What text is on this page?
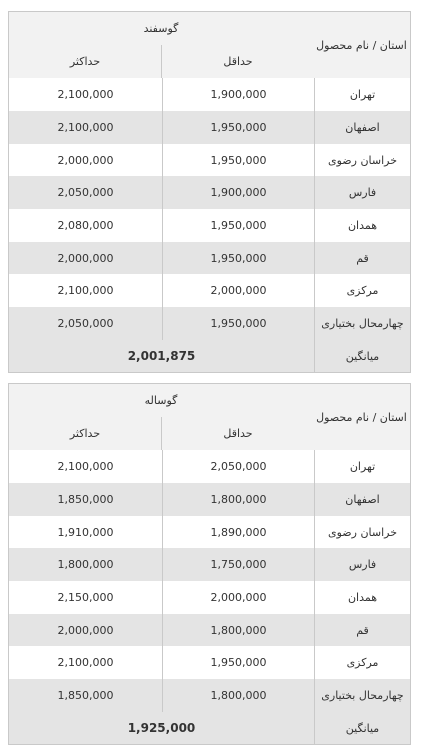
استان / نام محصول
گوسفند
حداقل
حداکثر
تهران
1,900,000
2,100,000
اصفهان
1,950,000
2,100,000
خراسان رضوی
1,950,000
2,000,000
فارس
1,900,000
2,050,000
همدان
1,950,000
2,080,000
قم
1,950,000
2,000,000
مرکزی
2,000,000
2,100,000
چهارمحال بختیاری
1,950,000
2,050,000
میانگین
2,001,875
استان / نام محصول
گوساله
حداقل
حداکثر
تهران
2,050,000
2,100,000
اصفهان
1,800,000
1,850,000
خراسان رضوی
1,890,000
1,910,000
فارس
1,750,000
1,800,000
همدان
2,000,000
2,150,000
قم
1,800,000
2,000,000
مرکزی
1,950,000
2,100,000
چهارمحال بختیاری
1,800,000
1,850,000
میانگین
1,925,000
